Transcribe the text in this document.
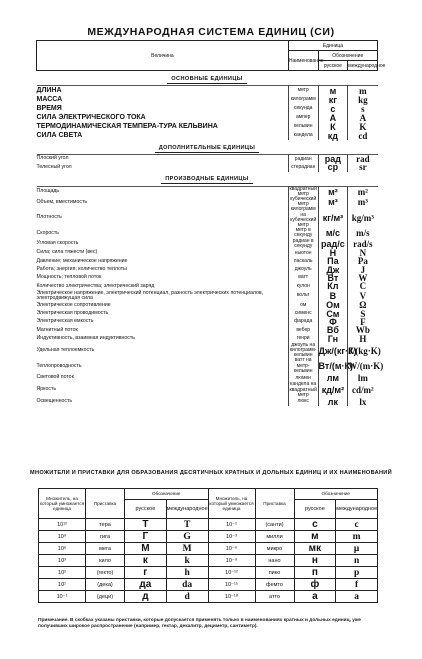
МЕЖДУНАРОДНАЯ СИСТЕМА ЕДИНИЦ (СИ)
Величина	Единица		
	Наименование	Обозначение	
		русское	международное
ОСНОВНЫЕ ЕДИНИЦЫ			
ДЛИНА	метр	м	m
МАССА	килограмм	кг	kg
ВРЕМЯ	секунда	с	s
СИЛА ЭЛЕКТРИЧЕСКОГО ТОКА	ампер	А	A
ТЕРМОДИНАМИЧЕСКАЯ ТЕМПЕРА-ТУРА КЕЛЬВИНА	кельвин	К	K
СИЛА СВЕТА	кандела	кд	cd
ДОПОЛНИТЕЛЬНЫЕ ЕДИНИЦЫ			
Плоский угол	радиан	рад	rad
Телесный угол	стерадиан	ср	sr
ПРОИЗВОДНЫЕ ЕДИНИЦЫ			
Площадь	квадратный метр	м²	m²
Объем, вместимость	кубический метр	м³	m³
Плотность	килограмм на кубический метр	кг/м³	kg/m³
Скорость	метр в секунду	м/с	m/s
Угловая скорость	радиан в секунду	рад/с	rad/s
Сила; сила тяжести (вес)	ньютон	Н	N
Давление; механическое напряжение	паскаль	Па	Pa
Работа; энергия; количество теплоты	джоуль	Дж	J
Мощность; тепловой поток	ватт	Вт	W
Количество электричества; электрический заряд	кулон	Кл	C
Электрическое напряжение, электрический потенциал, разность электрических потенциалов, электродвижущая сила	вольт	В	V
Электрическое сопротивление	ом	Ом	Ω
Электрическая проводимость	сименс	См	S
Электрическая емкость	фарада	Ф	F
Магнитный поток	вебер	Вб	Wb
Индуктивность, взаимная индуктивность	генри	Гн	H
Удельная теплоемкость	джоуль на килограмм-кельвин	Дж/(кг·К)	J/(kg·K)
Теплопроводность	ватт на метр-кельвин	Вт/(м·К)	W/(m·K)
Световой поток	люмен	лм	lm
Яркость	кандела на квадратный метр	кд/м²	cd/m²
Освещенность	люкс	лк	lx
МНОЖИТЕЛИ И ПРИСТАВКИ ДЛЯ ОБРАЗОВАНИЯ ДЕСЯТИЧНЫХ КРАТНЫХ И ДОЛЬНЫХ ЕДИНИЦ И ИХ НАИМЕНОВАНИЙ
Множитель, на который умножается единица	Приставка	Обозначение		Множитель, на который умножается единица	Приставка	Обозначение	
		русское	международное			русское	международное
10¹²	тера	Т	T	10⁻²	(санти)	с	c
10⁹	гига	Г	G	10⁻³	милли	м	m
10⁶	мега	М	M	10⁻⁶	микро	мк	μ
10³	кило	к	k	10⁻⁹	нано	н	n
10²	(гекто)	г	h	10⁻¹²	пико	п	p
10¹	(дека)	да	da	10⁻¹⁵	фемто	ф	f
10⁻¹	(деци)	д	d	10⁻¹⁸	атто	а	a
Примечание. В скобках указаны приставки, которые допускается применять только в наименованиях кратных и дольных единиц, уже получивших широкое распространение (например, гектар, декалитр, дециметр, сантиметр).
